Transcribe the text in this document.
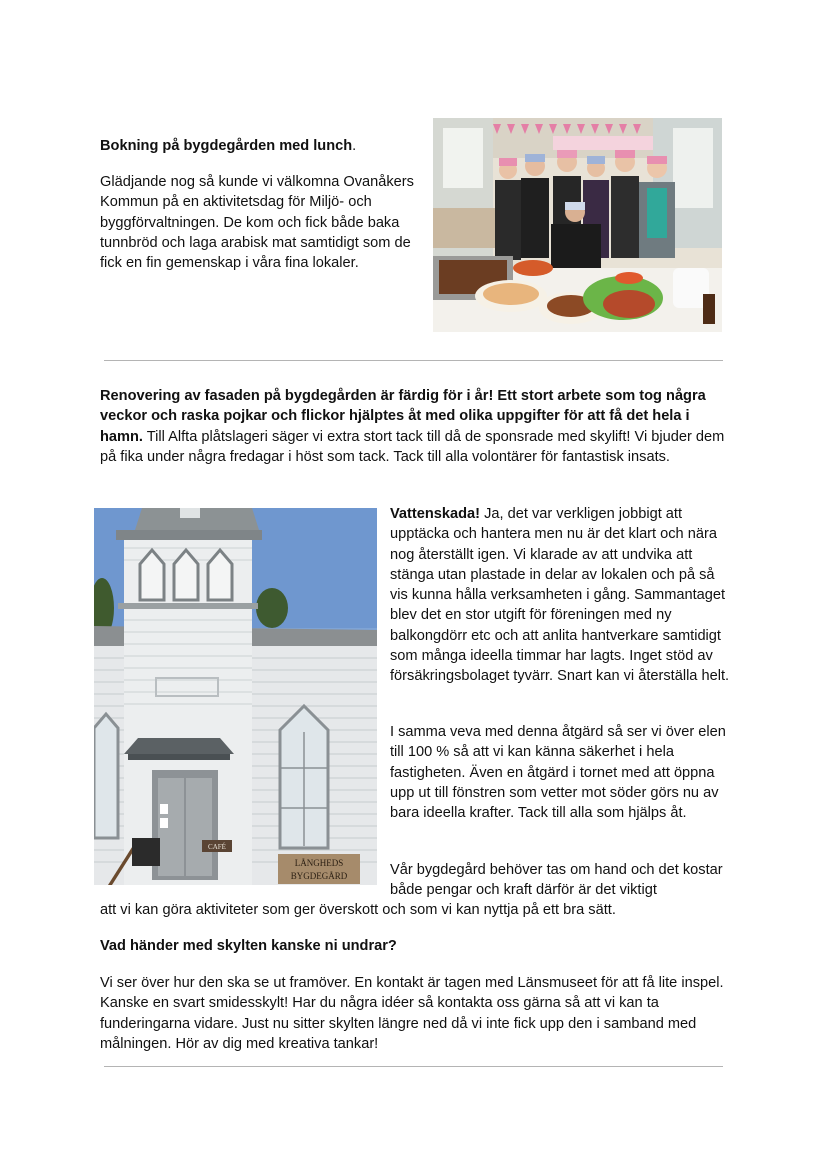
Bokning på bygdegården med lunch.

Glädjande nog så kunde vi välkomna Ovanåkers Kommun på en aktivitetsdag för Miljö- och byggförvaltningen. De kom och fick både baka tunnbröd och laga arabisk mat samtidigt som de fick en fin gemenskap i våra fina lokaler.

Renovering av fasaden på bygdegården är färdig för i år! Ett stort arbete som tog några veckor och raska pojkar och flickor hjälptes åt med olika uppgifter för att få det hela i hamn. Till Alfta plåtslageri säger vi extra stort tack till då de sponsrade med skylift! Vi bjuder dem på fika under några fredagar i höst som tack. Tack till alla volontärer för fantastisk insats.

CAFÉ
LÅNGHEDS
BYGDEGÅRD

Vattenskada! Ja, det var verkligen jobbigt att upptäcka och hantera men nu är det klart och nära nog återställt igen. Vi klarade av att undvika att stänga utan plastade in delar av lokalen och på så vis kunna hålla verksamheten i gång. Sammantaget blev det en stor utgift för föreningen med ny balkongdörr etc och att anlita hantverkare samtidigt som många ideella timmar har lagts. Inget stöd av försäkringsbolaget tyvärr. Snart kan vi återställa helt.

I samma veva med denna åtgärd så ser vi över elen till 100 % så att vi kan känna säkerhet i hela fastigheten. Även en åtgärd i tornet med att öppna upp ut till fönstren som vetter mot söder görs nu av bara ideella krafter. Tack till alla som hjälps åt.

Vår bygdegård behöver tas om hand och det kostar både pengar och kraft därför är det viktigt

att vi kan göra aktiviteter som ger överskott och som vi kan nyttja på ett bra sätt.

Vad händer med skylten kanske ni undrar?

Vi ser över hur den ska se ut framöver. En kontakt är tagen med Länsmuseet för att få lite inspel. Kanske en svart smidesskylt! Har du några idéer så kontakta oss gärna så att vi kan ta funderingarna vidare. Just nu sitter skylten längre ned då vi inte fick upp den i samband med målningen. Hör av dig med kreativa tankar!
